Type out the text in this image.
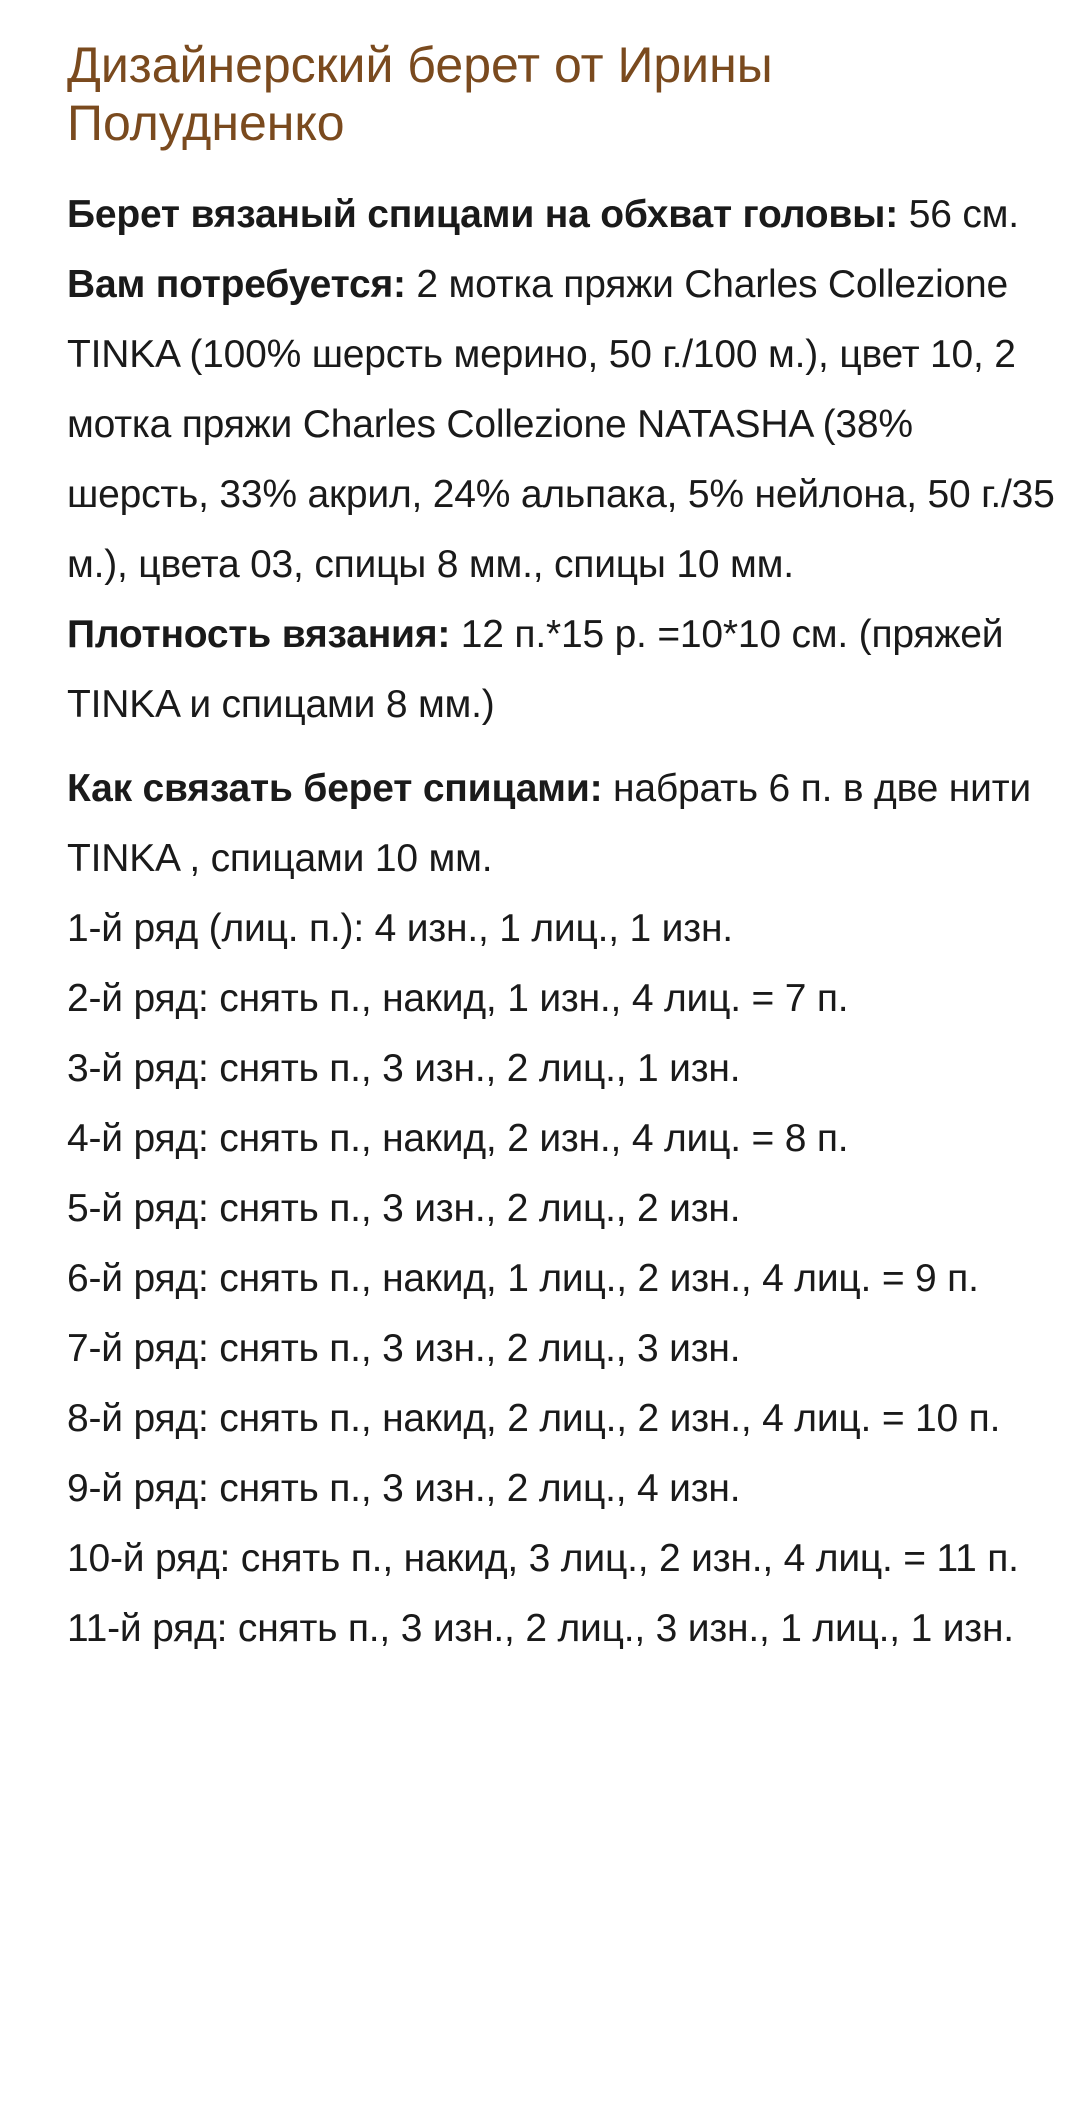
Дизайнерский берет от Ирины Полудненко

Берет вязаный спицами на обхват головы: 56 см.
Вам потребуется: 2 мотка пряжи Charles Collezione TINKA (100% шерсть мерино, 50 г./100 м.), цвет 10, 2 мотка пряжи Charles Collezione NATASHA (38% шерсть, 33% акрил, 24% альпака, 5% нейлона, 50 г./35 м.), цвета 03, спицы 8 мм., спицы 10 мм.
Плотность вязания: 12 п.*15 р. =10*10 см. (пряжей TINKA и спицами 8 мм.)

Как связать берет спицами: набрать 6 п. в две нити TINKA , спицами 10 мм.

1-й ряд (лиц. п.): 4 изн., 1 лиц., 1 изн.
2-й ряд: снять п., накид, 1 изн., 4 лиц. = 7 п.
3-й ряд: снять п., 3 изн., 2 лиц., 1 изн.
4-й ряд: снять п., накид, 2 изн., 4 лиц. = 8 п.
5-й ряд: снять п., 3 изн., 2 лиц., 2 изн.
6-й ряд: снять п., накид, 1 лиц., 2 изн., 4 лиц. = 9 п.
7-й ряд: снять п., 3 изн., 2 лиц., 3 изн.
8-й ряд: снять п., накид, 2 лиц., 2 изн., 4 лиц. = 10 п.
9-й ряд: снять п., 3 изн., 2 лиц., 4 изн.
10-й ряд: снять п., накид, 3 лиц., 2 изн., 4 лиц. = 11 п.
11-й ряд: снять п., 3 изн., 2 лиц., 3 изн., 1 лиц., 1 изн.
